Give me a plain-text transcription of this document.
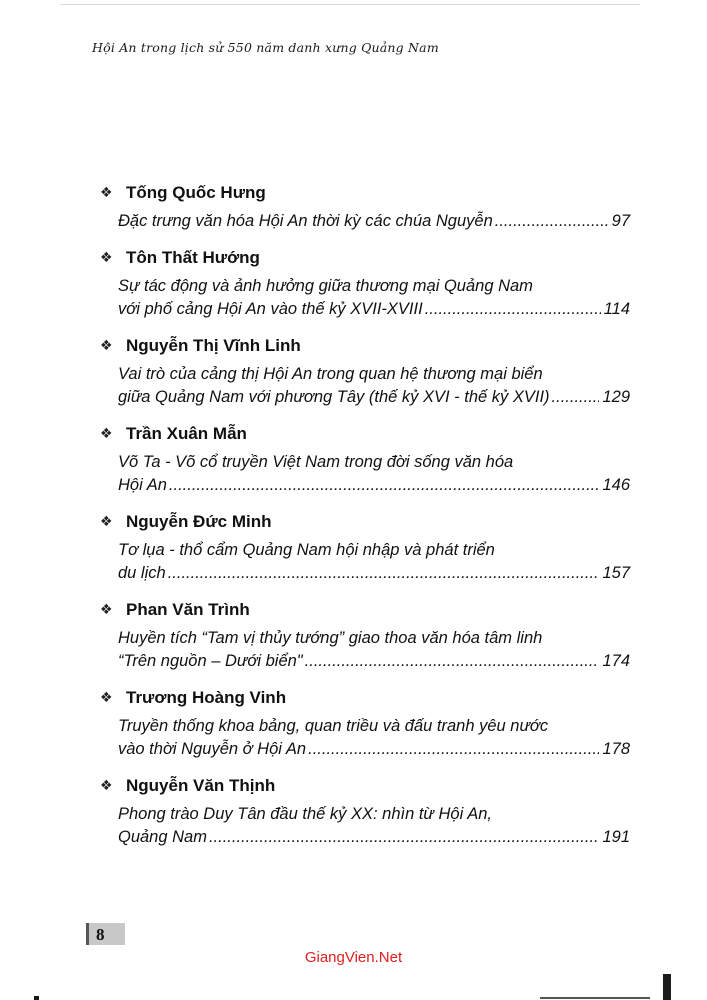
Hội An trong lịch sử 550 năm danh xưng Quảng Nam
❖ Tống Quốc Hưng
Đặc trưng văn hóa Hội An thời kỳ các chúa Nguyễn .....	97
❖ Tôn Thất Hướng
Sự tác động và ảnh hưởng giữa thương mại Quảng Nam
với phố cảng Hội An vào thế kỷ XVII-XVIII .....	114
❖ Nguyễn Thị Vĩnh Linh
Vai trò của cảng thị Hội An trong quan hệ thương mại biển
giữa Quảng Nam với phương Tây (thế kỷ XVI - thế kỷ XVII) .....	129
❖ Trần Xuân Mẫn
Võ Ta - Võ cổ truyền Việt Nam trong đời sống văn hóa
Hội An .....	146
❖ Nguyễn Đức Minh
Tơ lụa - thổ cẩm Quảng Nam hội nhập và phát triển
du lịch .....	157
❖ Phan Văn Trình
Huyền tích “Tam vị thủy tướng” giao thoa văn hóa tâm linh
“Trên nguồn – Dưới biển" .....	174
❖ Trương Hoàng Vinh
Truyền thống khoa bảng, quan triều và đấu tranh yêu nước
vào thời Nguyễn ở Hội An .....	178
❖ Nguyễn Văn Thịnh
Phong trào Duy Tân đầu thế kỷ XX: nhìn từ Hội An,
Quảng Nam .....	191
8
GiangVien.Net
